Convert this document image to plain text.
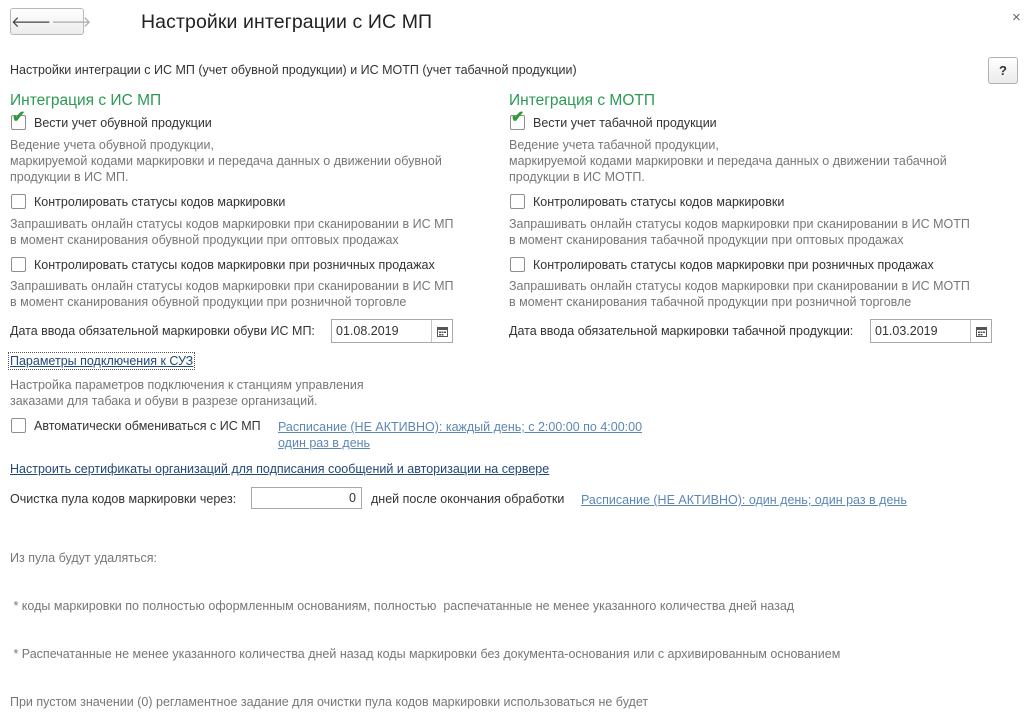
🡐 🡒	Настройки интеграции с ИС МП	×
Настройки интеграции с ИС МП (учет обувной продукции) и ИС МОТП (учет табачной продукции)	?
Интеграция с ИС МП
✔ Вести учет обувной продукции
Ведение учета обувной продукции,
маркируемой кодами маркировки и передача данных о движении обувной
продукции в ИС МП.
Контролировать статусы кодов маркировки
Запрашивать онлайн статусы кодов маркировки при сканировании в ИС МП
в момент сканирования обувной продукции при оптовых продажах
Контролировать статусы кодов маркировки при розничных продажах
Запрашивать онлайн статусы кодов маркировки при сканировании в ИС МП
в момент сканирования обувной продукции при розничной торговле
Дата ввода обязательной маркировки обуви ИС МП:	01.08.2019
Интеграция с МОТП
✔ Вести учет табачной продукции
Ведение учета табачной продукции,
маркируемой кодами маркировки и передача данных о движении табачной
продукции в ИС МОТП.
Контролировать статусы кодов маркировки
Запрашивать онлайн статусы кодов маркировки при сканировании в ИС МОТП
в момент сканирования табачной продукции при оптовых продажах
Контролировать статусы кодов маркировки при розничных продажах
Запрашивать онлайн статусы кодов маркировки при сканировании в ИС МОТП
в момент сканирования табачной продукции при розничной торговле
Дата ввода обязательной маркировки табачной продукции:	01.03.2019
Параметры подключения к СУЗ
Настройка параметров подключения к станциям управления
заказами для табака и обуви в разрезе организаций.
Автоматически обмениваться с ИС МП Расписание (НЕ АКТИВНО): каждый день; с 2:00:00 по 4:00:00
один раз в день
Настроить сертификаты организаций для подписания сообщений и авторизации на сервере
Очистка пула кодов маркировки через:	0	дней после окончания обработки Расписание (НЕ АКТИВНО): один день; один раз в день

Из пула будут удаляться:

* коды маркировки по полностью оформленным основаниям, полностью  распечатанные не менее указанного количества дней назад

* Распечатанные не менее указанного количества дней назад коды маркировки без документа-основания или с архивированным основанием

При пустом значении (0) регламентное задание для очистки пула кодов маркировки использоваться не будет
